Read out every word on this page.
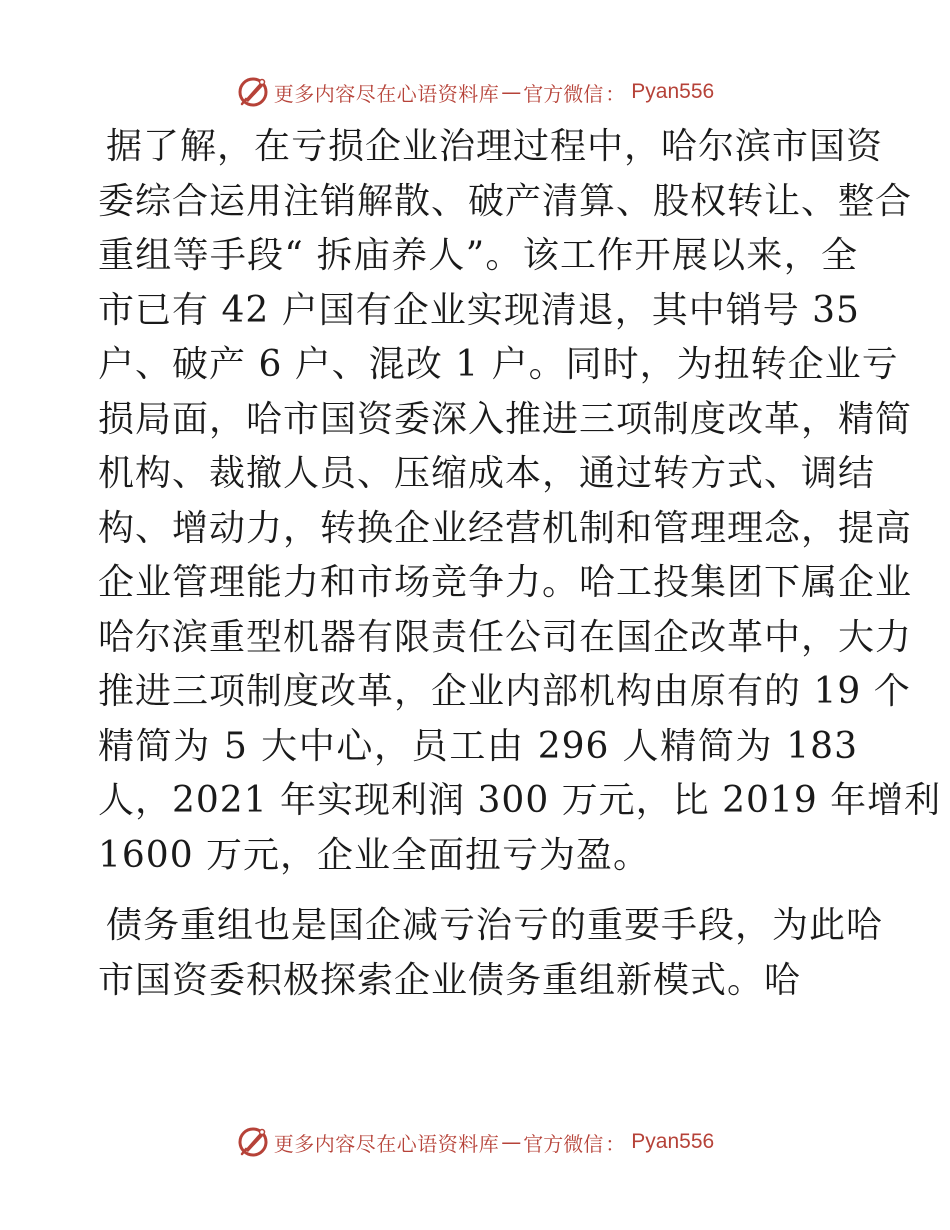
更多内容尽在心语资料库 — 官方微信 ： Pyan556
据了解，在亏损企业治理过程中，哈尔滨市国资
委综合运用注销解散、破产清算、股权转让、整合
重组等手段“ 拆庙养人”。该工作开展以来，全
市已有 42 户国有企业实现清退，其中销号 35
户、破产 6 户、混改 1 户。同时，为扭转企业亏
损局面，哈市国资委深入推进三项制度改革，精简
机构、裁撤人员、压缩成本，通过转方式、调结
构、增动力，转换企业经营机制和管理理念，提高
企业管理能力和市场竞争力。哈工投集团下属企业
哈尔滨重型机器有限责任公司在国企改革中，大力
推进三项制度改革，企业内部机构由原有的 19 个
精简为 5 大中心，员工由 296 人精简为 183
人，2021 年实现利润 300 万元，比 2019 年增利
1600 万元，企业全面扭亏为盈。
债务重组也是国企减亏治亏的重要手段，为此哈
市国资委积极探索企业债务重组新模式。哈
更多内容尽在心语资料库 — 官方微信 ： Pyan556
